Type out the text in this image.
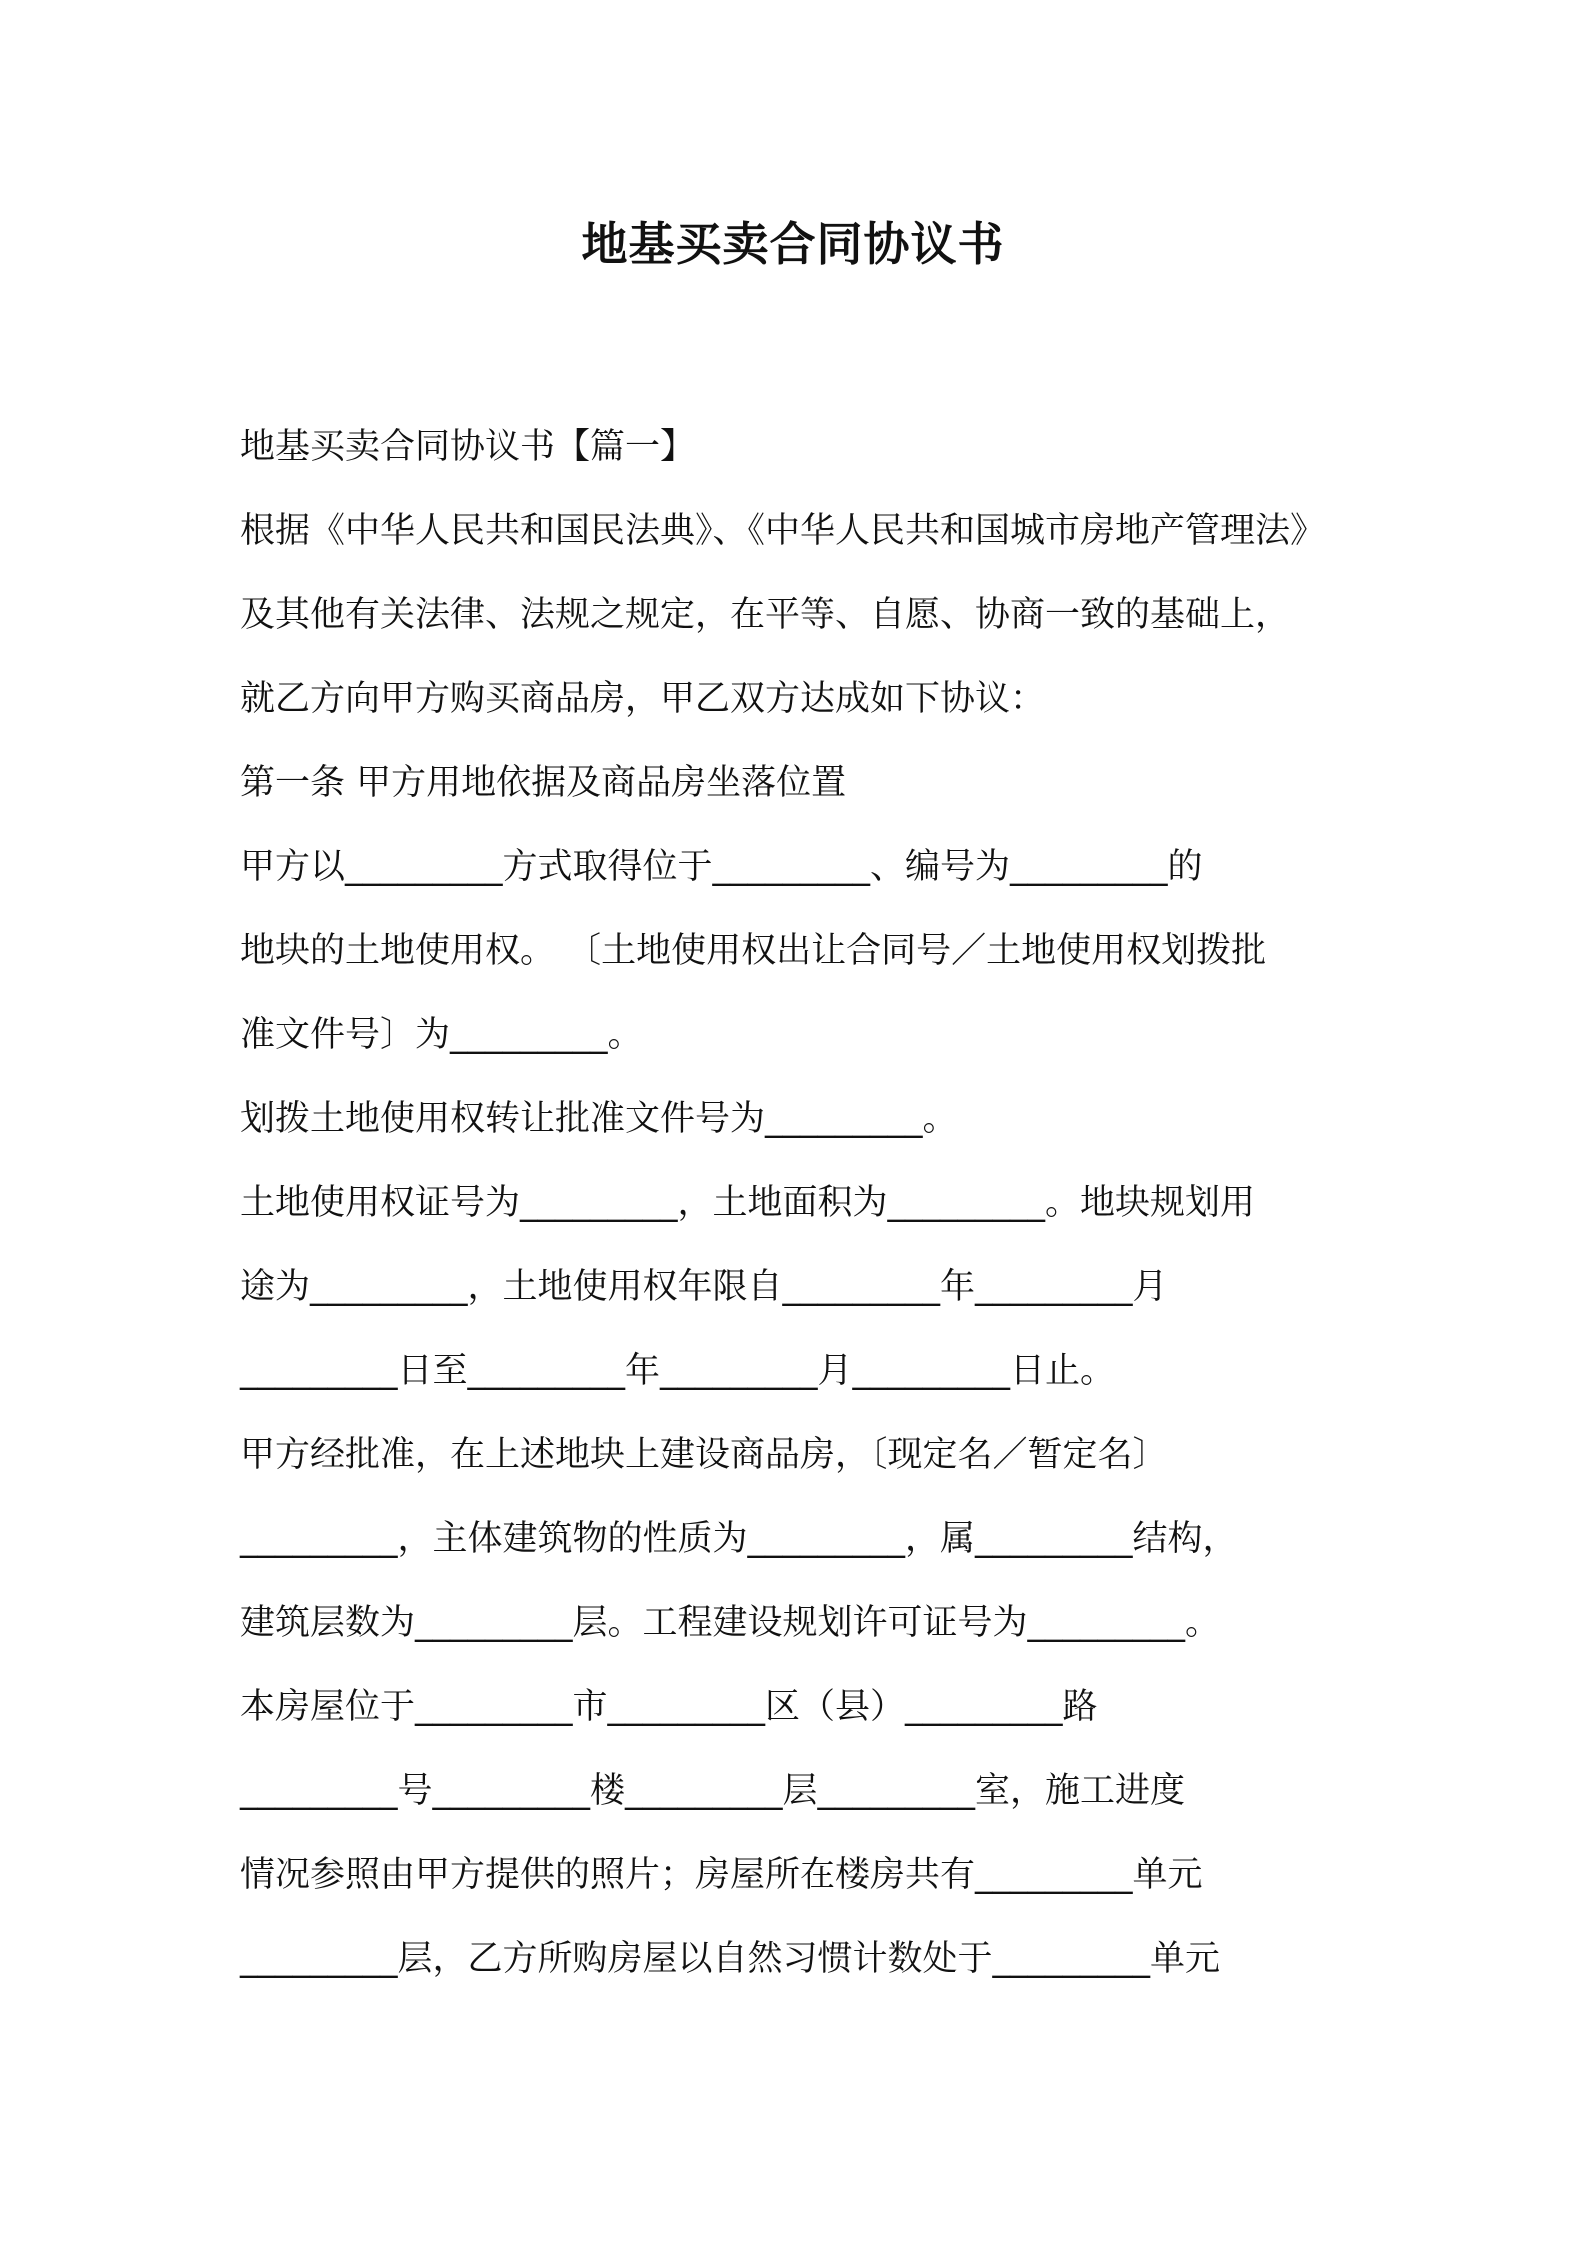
地基买卖合同协议书

地基买卖合同协议书【篇一】

根据《中华人民共和国民法典》、《中华人民共和国城市房地产管理法》

及其他有关法律、法规之规定，在平等、自愿、协商一致的基础上，

就乙方向甲方购买商品房，甲乙双方达成如下协议：

第一条 甲方用地依据及商品房坐落位置

甲方以_________方式取得位于_________、编号为_________的

地块的土地使用权。 〔土地使用权出让合同号／土地使用权划拨批

准文件号〕为_________。

划拨土地使用权转让批准文件号为_________。

土地使用权证号为_________，土地面积为_________。地块规划用

途为_________，土地使用权年限自_________年_________月

_________日至_________年_________月_________日止。

甲方经批准，在上述地块上建设商品房，〔现定名／暂定名〕

_________，主体建筑物的性质为_________，属_________结构，

建筑层数为_________层。工程建设规划许可证号为_________。

本房屋位于_________市_________区（县）_________路

_________号_________楼_________层_________室，施工进度

情况参照由甲方提供的照片；房屋所在楼房共有_________单元

_________层，乙方所购房屋以自然习惯计数处于_________单元
